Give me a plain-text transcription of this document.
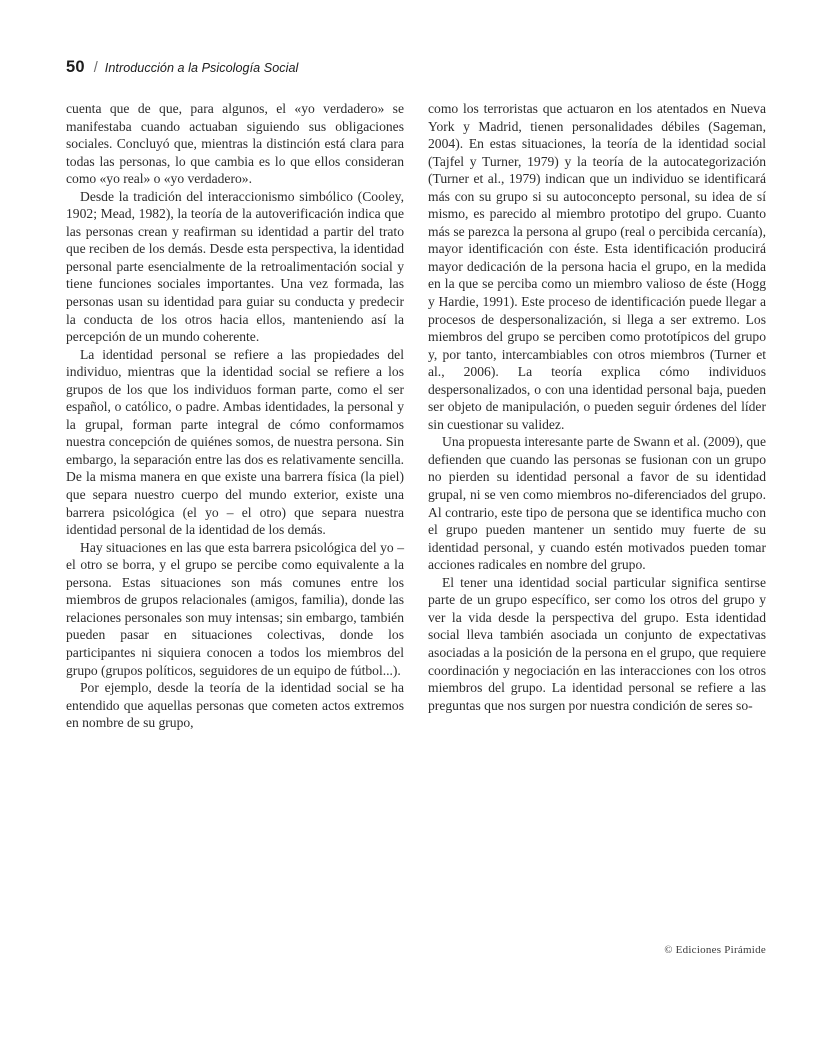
50 / Introducción a la Psicología Social

cuenta que de que, para algunos, el «yo verdadero» se manifestaba cuando actuaban siguiendo sus obligaciones sociales. Concluyó que, mientras la distinción está clara para todas las personas, lo que cambia es lo que ellos consideran como «yo real» o «yo verdadero».

Desde la tradición del interaccionismo simbólico (Cooley, 1902; Mead, 1982), la teoría de la autoverificación indica que las personas crean y reafirman su identidad a partir del trato que reciben de los demás. Desde esta perspectiva, la identidad personal parte esencialmente de la retroalimentación social y tiene funciones sociales importantes. Una vez formada, las personas usan su identidad para guiar su conducta y predecir la conducta de los otros hacia ellos, manteniendo así la percepción de un mundo coherente.

La identidad personal se refiere a las propiedades del individuo, mientras que la identidad social se refiere a los grupos de los que los individuos forman parte, como el ser español, o católico, o padre. Ambas identidades, la personal y la grupal, forman parte integral de cómo conformamos nuestra concepción de quiénes somos, de nuestra persona. Sin embargo, la separación entre las dos es relativamente sencilla. De la misma manera en que existe una barrera física (la piel) que separa nuestro cuerpo del mundo exterior, existe una barrera psicológica (el yo – el otro) que separa nuestra identidad personal de la identidad de los demás.

Hay situaciones en las que esta barrera psicológica del yo – el otro se borra, y el grupo se percibe como equivalente a la persona. Estas situaciones son más comunes entre los miembros de grupos relacionales (amigos, familia), donde las relaciones personales son muy intensas; sin embargo, también pueden pasar en situaciones colectivas, donde los participantes ni siquiera conocen a todos los miembros del grupo (grupos políticos, seguidores de un equipo de fútbol...).

Por ejemplo, desde la teoría de la identidad social se ha entendido que aquellas personas que cometen actos extremos en nombre de su grupo,

como los terroristas que actuaron en los atentados en Nueva York y Madrid, tienen personalidades débiles (Sageman, 2004). En estas situaciones, la teoría de la identidad social (Tajfel y Turner, 1979) y la teoría de la autocategorización (Turner et al., 1979) indican que un individuo se identificará más con su grupo si su autoconcepto personal, su idea de sí mismo, es parecido al miembro prototipo del grupo. Cuanto más se parezca la persona al grupo (real o percibida cercanía), mayor identificación con éste. Esta identificación producirá mayor dedicación de la persona hacia el grupo, en la medida en la que se perciba como un miembro valioso de éste (Hogg y Hardie, 1991). Este proceso de identificación puede llegar a procesos de despersonalización, si llega a ser extremo. Los miembros del grupo se perciben como prototípicos del grupo y, por tanto, intercambiables con otros miembros (Turner et al., 2006). La teoría explica cómo individuos despersonalizados, o con una identidad personal baja, pueden ser objeto de manipulación, o pueden seguir órdenes del líder sin cuestionar su validez.

Una propuesta interesante parte de Swann et al. (2009), que defienden que cuando las personas se fusionan con un grupo no pierden su identidad personal a favor de su identidad grupal, ni se ven como miembros no-diferenciados del grupo. Al contrario, este tipo de persona que se identifica mucho con el grupo pueden mantener un sentido muy fuerte de su identidad personal, y cuando estén motivados pueden tomar acciones radicales en nombre del grupo.

El tener una identidad social particular significa sentirse parte de un grupo específico, ser como los otros del grupo y ver la vida desde la perspectiva del grupo. Esta identidad social lleva también asociada un conjunto de expectativas asociadas a la posición de la persona en el grupo, que requiere coordinación y negociación en las interacciones con los otros miembros del grupo. La identidad personal se refiere a las preguntas que nos surgen por nuestra condición de seres so-

© Ediciones Pirámide
